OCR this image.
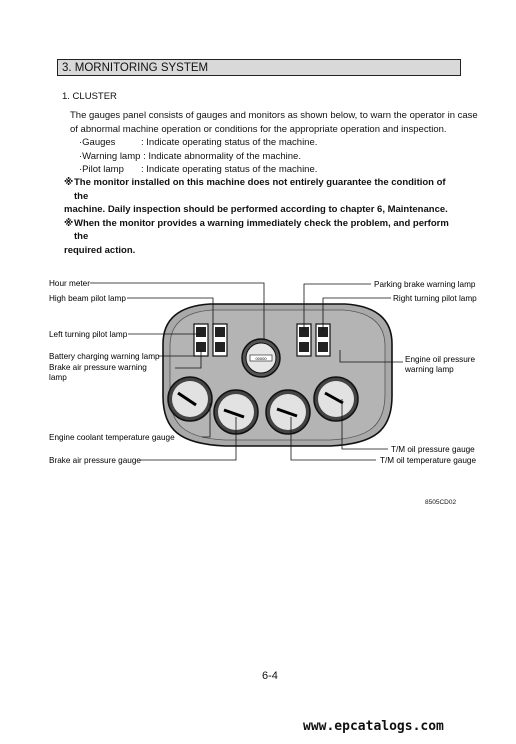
3. MORNITORING SYSTEM
1. CLUSTER
The gauges panel consists of gauges and monitors as shown below, to warn the operator in case
of abnormal machine operation or conditions for the appropriate operation and inspection.
·Gauges	: Indicate operating status of the machine.
·Warning lamp : Indicate abnormality of the machine.
·Pilot lamp : Indicate operating status of the machine.
※ The monitor installed on this machine does not entirely guarantee the condition of the
machine. Daily inspection should be performed according to chapter 6, Maintenance.
※ When the monitor provides a warning immediately check the problem, and perform the
required action.
00000
Hour meter
High beam pilot lamp
Left turning pilot lamp
Battery charging warning lamp
Brake air pressure warning
lamp
Engine coolant temperature gauge
Brake air pressure gauge
Parking brake warning lamp
Right turning pilot lamp
Engine oil pressure
warning lamp
T/M oil pressure gauge
T/M oil temperature gauge
8505CD02
6-4
www.epcatalogs.com
